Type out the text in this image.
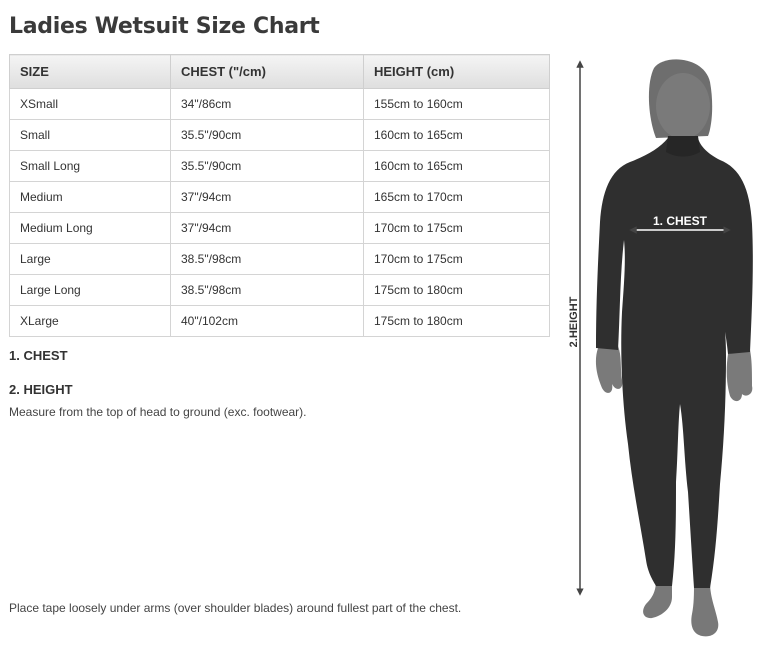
Ladies Wetsuit Size Chart
SIZE	CHEST ("/cm)	HEIGHT (cm)
XSmall	34"/86cm	155cm to 160cm
Small	35.5"/90cm	160cm to 165cm
Small Long	35.5"/90cm	160cm to 165cm
Medium	37"/94cm	165cm to 170cm
Medium Long	37"/94cm	170cm to 175cm
Large	38.5"/98cm	170cm to 175cm
Large Long	38.5"/98cm	175cm to 180cm
XLarge	40"/102cm	175cm to 180cm

1. CHEST

2. HEIGHT

Measure from the top of head to ground (exc. footwear).

Place tape loosely under arms (over shoulder blades) around fullest part of the chest.

2.HEIGHT
1. CHEST
